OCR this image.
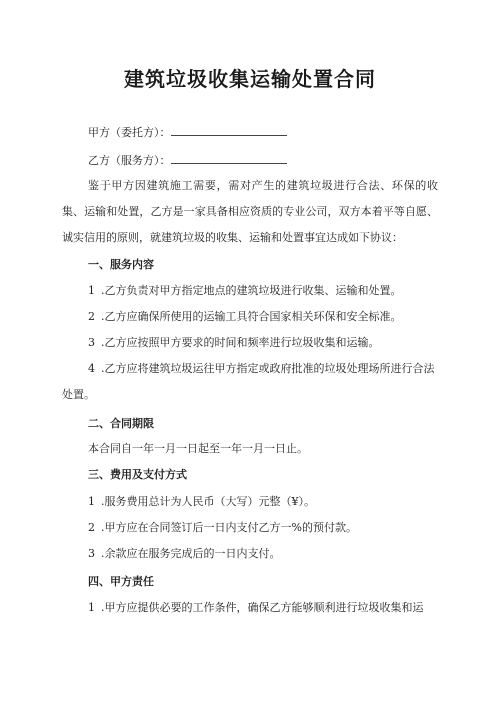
建筑垃圾收集运输处置合同
甲方（委托方）：
乙方（服务方）：
鉴于甲方因建筑施工需要，需对产生的建筑垃圾进行合法、环保的收集、运输和处置，乙方是一家具备相应资质的专业公司，双方本着平等自愿、诚实信用的原则，就建筑垃圾的收集、运输和处置事宜达成如下协议：
一、服务内容
1 .乙方负责对甲方指定地点的建筑垃圾进行收集、运输和处置。
2 .乙方应确保所使用的运输工具符合国家相关环保和安全标准。
3 .乙方应按照甲方要求的时间和频率进行垃圾收集和运输。
4 .乙方应将建筑垃圾运往甲方指定或政府批准的垃圾处理场所进行合法处置。
二、合同期限
本合同自一年一月一日起至一年一月一日止。
三、费用及支付方式
1 .服务费用总计为人民币（大写）元整（¥）。
2 .甲方应在合同签订后一日内支付乙方一%的预付款。
3 .余款应在服务完成后的一日内支付。
四、甲方责任
1 .甲方应提供必要的工作条件，确保乙方能够顺利进行垃圾收集和运
